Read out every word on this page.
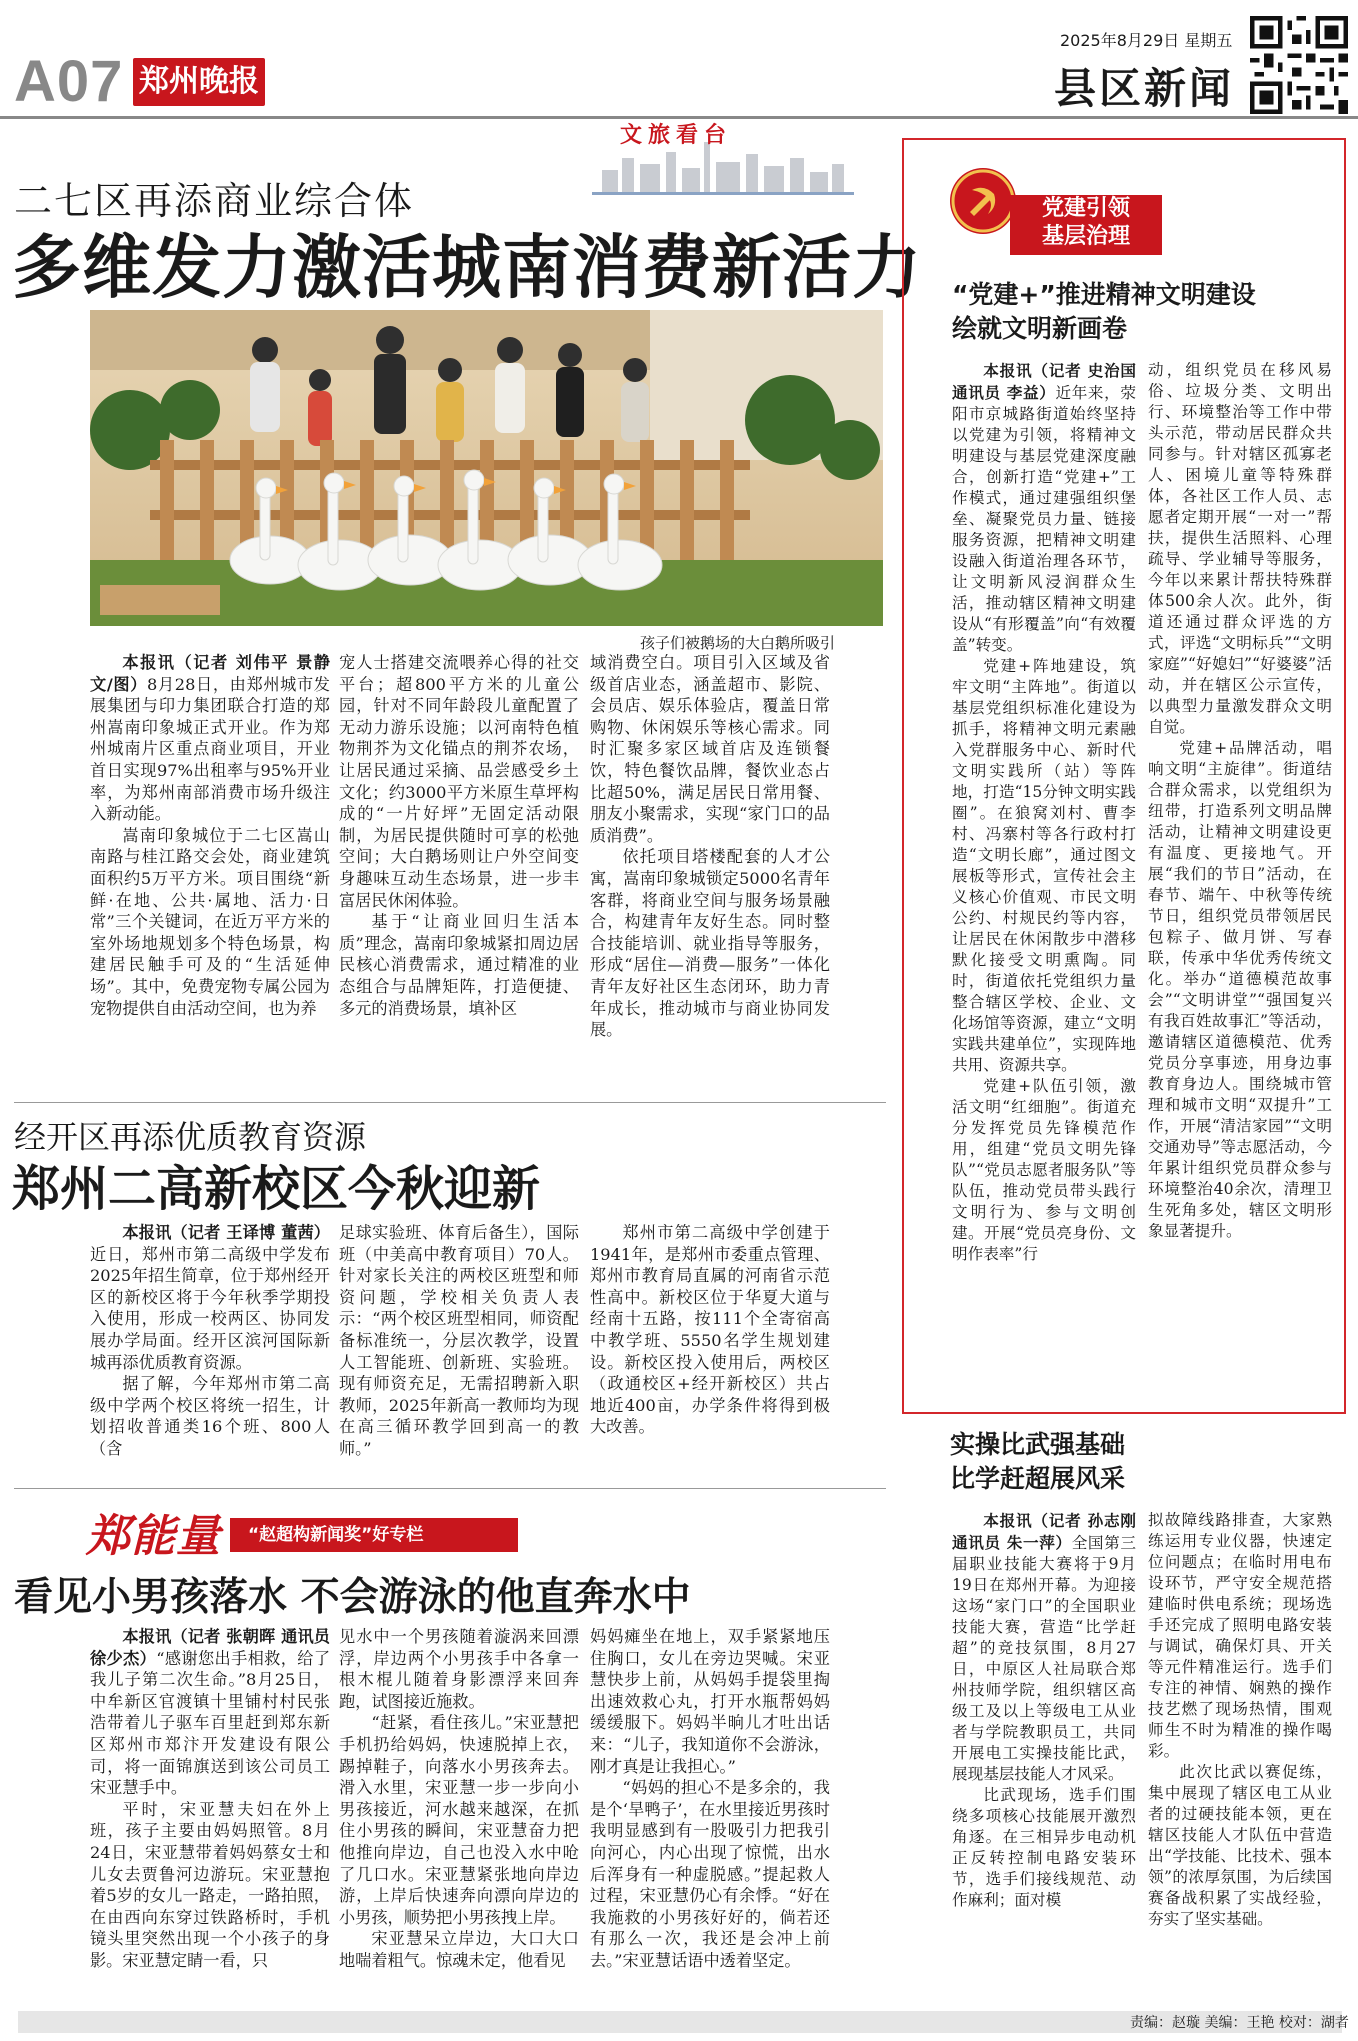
A07 郑州晚报
2025年8月29日 星期五
县区新闻
文旅看台
二七区再添商业综合体
多维发力激活城南消费新活力
孩子们被鹅场的大白鹅所吸引

本报讯（记者 刘伟平 景静 文/图）8月28日，由郑州城市发展集团与印力集团联合打造的郑州嵩南印象城正式开业。作为郑州城南片区重点商业项目，开业首日实现97%出租率与95%开业率，为郑州南部消费市场升级注入新动能。

嵩南印象城位于二七区嵩山南路与桂江路交会处，商业建筑面积约5万平方米。项目围绕“新鲜·在地、公共·属地、活力·日常”三个关键词，在近万平方米的室外场地规划多个特色场景，构建居民触手可及的“生活延伸场”。其中，免费宠物专属公园为宠物提供自由活动空间，也为养

宠人士搭建交流喂养心得的社交平台；超800平方米的儿童公园，针对不同年龄段儿童配置了无动力游乐设施；以河南特色植物荆芥为文化锚点的荆芥农场，让居民通过采摘、品尝感受乡土文化；约3000平方米原生草坪构成的“一片好坪”无固定活动限制，为居民提供随时可享的松弛空间；大白鹅场则让户外空间变身趣味互动生态场景，进一步丰富居民休闲体验。

基于“让商业回归生活本质”理念，嵩南印象城紧扣周边居民核心消费需求，通过精准的业态组合与品牌矩阵，打造便捷、多元的消费场景，填补区

域消费空白。项目引入区域及省级首店业态，涵盖超市、影院、会员店、娱乐体验店，覆盖日常购物、休闲娱乐等核心需求。同时汇聚多家区域首店及连锁餐饮，特色餐饮品牌，餐饮业态占比超50%，满足居民日常用餐、朋友小聚需求，实现“家门口的品质消费”。

依托项目塔楼配套的人才公寓，嵩南印象城锁定5000名青年客群，将商业空间与服务场景融合，构建青年友好生态。同时整合技能培训、就业指导等服务，形成“居住—消费—服务”一体化青年友好社区生态闭环，助力青年成长，推动城市与商业协同发展。

经开区再添优质教育资源
郑州二高新校区今秋迎新

本报讯（记者 王译博 董茜）近日，郑州市第二高级中学发布2025年招生简章，位于郑州经开区的新校区将于今年秋季学期投入使用，形成一校两区、协同发展办学局面。经开区滨河国际新城再添优质教育资源。

据了解，今年郑州市第二高级中学两个校区将统一招生，计划招收普通类16个班、800人（含

足球实验班、体育后备生），国际班（中美高中教育项目）70人。针对家长关注的两校区班型和师资问题，学校相关负责人表示：“两个校区班型相同，师资配备标准统一，分层次教学，设置人工智能班、创新班、实验班。现有师资充足，无需招聘新入职教师，2025年新高一教师均为现在高三循环教学回到高一的教师。”

郑州市第二高级中学创建于1941年，是郑州市委重点管理、郑州市教育局直属的河南省示范性高中。新校区位于华夏大道与经南十五路，按111个全寄宿高中教学班、5550名学生规划建设。新校区投入使用后，两校区（政通校区+经开新校区）共占地近400亩，办学条件将得到极大改善。

郑能量	“赵超构新闻奖”好专栏
看见小男孩落水 不会游泳的他直奔水中

本报讯（记者 张朝晖 通讯员 徐少杰）“感谢您出手相救，给了我儿子第二次生命。”8月25日，中牟新区官渡镇十里铺村村民张浩带着儿子驱车百里赶到郑东新区郑州市郑汴开发建设有限公司，将一面锦旗送到该公司员工宋亚慧手中。

平时，宋亚慧夫妇在外上班，孩子主要由妈妈照管。8月24日，宋亚慧带着妈妈蔡女士和儿女去贾鲁河边游玩。宋亚慧抱着5岁的女儿一路走，一路拍照，在由西向东穿过铁路桥时，手机镜头里突然出现一个小孩子的身影。宋亚慧定睛一看，只

见水中一个男孩随着漩涡来回漂浮，岸边两个小男孩手中各拿一根木棍儿随着身影漂浮来回奔跑，试图接近施救。

“赶紧，看住孩儿。”宋亚慧把手机扔给妈妈，快速脱掉上衣，踢掉鞋子，向落水小男孩奔去。滑入水里，宋亚慧一步一步向小男孩接近，河水越来越深，在抓住小男孩的瞬间，宋亚慧奋力把他推向岸边，自己也没入水中呛了几口水。宋亚慧紧张地向岸边游，上岸后快速奔向漂向岸边的小男孩，顺势把小男孩拽上岸。

宋亚慧呆立岸边，大口大口地喘着粗气。惊魂未定，他看见

妈妈瘫坐在地上，双手紧紧地压住胸口，女儿在旁边哭喊。宋亚慧快步上前，从妈妈手提袋里掏出速效救心丸，打开水瓶帮妈妈缓缓服下。妈妈半晌儿才吐出话来：“儿子，我知道你不会游泳，刚才真是让我担心。”

“妈妈的担心不是多余的，我是个‘旱鸭子’，在水里接近男孩时我明显感到有一股吸引力把我引向河心，内心出现了惊慌，出水后浑身有一种虚脱感。”提起救人过程，宋亚慧仍心有余悸。“好在我施救的小男孩好好的，倘若还有那么一次，我还是会冲上前去。”宋亚慧话语中透着坚定。

党建引领
基层治理
“党建+”推进精神文明建设
绘就文明新画卷

本报讯（记者 史治国 通讯员 李益）近年来，荥阳市京城路街道始终坚持以党建为引领，将精神文明建设与基层党建深度融合，创新打造“党建+”工作模式，通过建强组织堡垒、凝聚党员力量、链接服务资源，把精神文明建设融入街道治理各环节，让文明新风浸润群众生活，推动辖区精神文明建设从“有形覆盖”向“有效覆盖”转变。

党建+阵地建设，筑牢文明“主阵地”。街道以基层党组织标准化建设为抓手，将精神文明元素融入党群服务中心、新时代文明实践所（站）等阵地，打造“15分钟文明实践圈”。在狼窝刘村、曹李村、冯寨村等各行政村打造“文明长廊”，通过图文展板等形式，宣传社会主义核心价值观、市民文明公约、村规民约等内容，让居民在休闲散步中潜移默化接受文明熏陶。同时，街道依托党组织力量整合辖区学校、企业、文化场馆等资源，建立“文明实践共建单位”，实现阵地共用、资源共享。

党建+队伍引领，激活文明“红细胞”。街道充分发挥党员先锋模范作用，组建“党员文明先锋队”“党员志愿者服务队”等队伍，推动党员带头践行文明行为、参与文明创建。开展“党员亮身份、文明作表率”行

动，组织党员在移风易俗、垃圾分类、文明出行、环境整治等工作中带头示范，带动居民群众共同参与。针对辖区孤寡老人、困境儿童等特殊群体，各社区工作人员、志愿者定期开展“一对一”帮扶，提供生活照料、心理疏导、学业辅导等服务，今年以来累计帮扶特殊群体500余人次。此外，街道还通过群众评选的方式，评选“文明标兵”“文明家庭”“好媳妇”“好婆婆”活动，并在辖区公示宣传，以典型力量激发群众文明自觉。

党建+品牌活动，唱响文明“主旋律”。街道结合群众需求，以党组织为纽带，打造系列文明品牌活动，让精神文明建设更有温度、更接地气。开展“我们的节日”活动，在春节、端午、中秋等传统节日，组织党员带领居民包粽子、做月饼、写春联，传承中华优秀传统文化。举办“道德模范故事会”“文明讲堂”“强国复兴有我百姓故事汇”等活动，邀请辖区道德模范、优秀党员分享事迹，用身边事教育身边人。围绕城市管理和城市文明“双提升”工作，开展“清洁家园”“文明交通劝导”等志愿活动，今年累计组织党员群众参与环境整治40余次，清理卫生死角多处，辖区文明形象显著提升。

实操比武强基础
比学赶超展风采

本报讯（记者 孙志刚 通讯员 朱一萍）全国第三届职业技能大赛将于9月19日在郑州开幕。为迎接这场“家门口”的全国职业技能大赛，营造“比学赶超”的竞技氛围，8月27日，中原区人社局联合郑州技师学院，组织辖区高级工及以上等级电工从业者与学院教职员工，共同开展电工实操技能比武，展现基层技能人才风采。

比武现场，选手们围绕多项核心技能展开激烈角逐。在三相异步电动机正反转控制电路安装环节，选手们接线规范、动作麻利；面对模

拟故障线路排查，大家熟练运用专业仪器，快速定位问题点；在临时用电布设环节，严守安全规范搭建临时供电系统；现场选手还完成了照明电路安装与调试，确保灯具、开关等元件精准运行。选手们专注的神情、娴熟的操作技艺燃了现场热情，围观师生不时为精准的操作喝彩。

此次比武以赛促练，集中展现了辖区电工从业者的过硬技能本领，更在辖区技能人才队伍中营造出“学技能、比技术、强本领”的浓厚氛围，为后续国赛备战积累了实战经验，夯实了坚实基础。

责编：赵璇 美编：王艳 校对：湖者
